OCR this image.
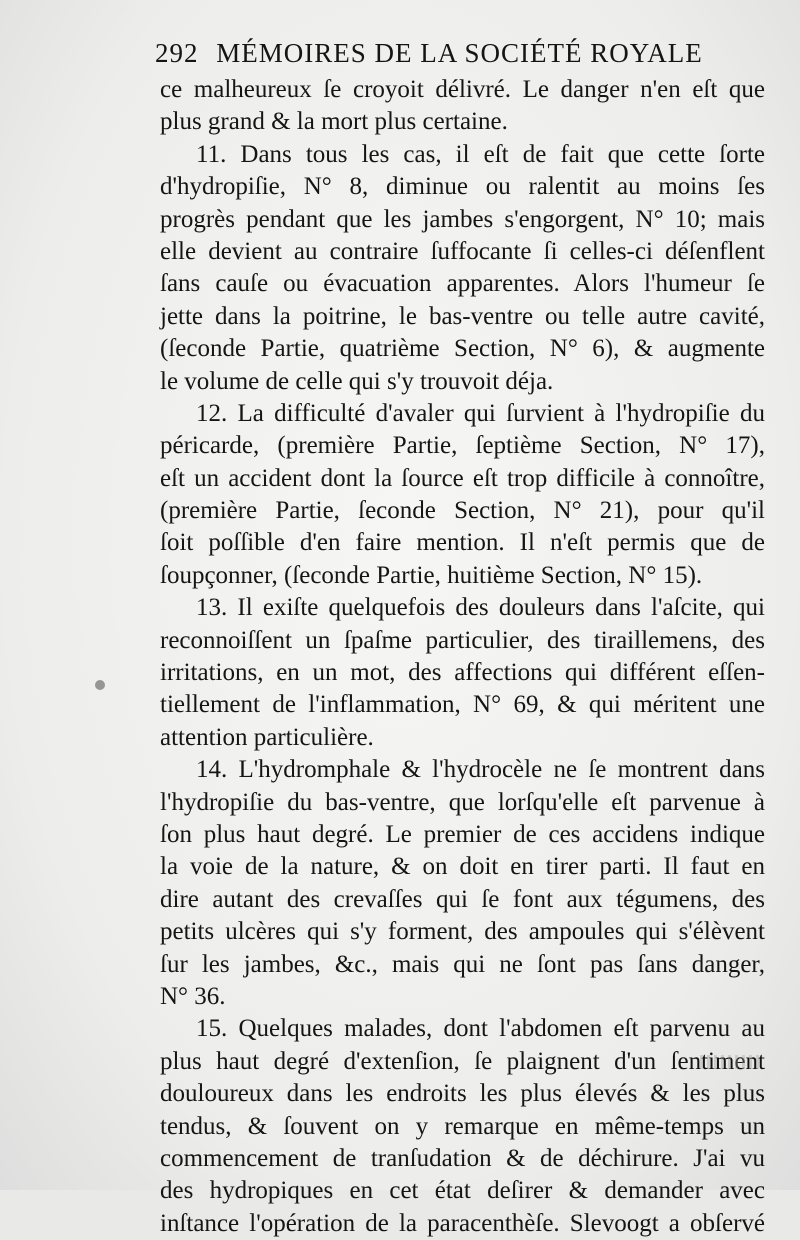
292 MÉMOIRES DE LA SOCIÉTÉ ROYALE
ce malheureux ſe croyoit délivré. Le danger n'en eſt que
plus grand & la mort plus certaine.
11. Dans tous les cas, il eſt de fait que cette ſorte
d'hydropiſie, N° 8, diminue ou ralentit au moins ſes
progrès pendant que les jambes s'engorgent, N° 10; mais
elle devient au contraire ſuffocante ſi celles-ci déſenflent
ſans cauſe ou évacuation apparentes. Alors l'humeur ſe
jette dans la poitrine, le bas-ventre ou telle autre cavité,
(ſeconde Partie, quatrième Section, N° 6), & augmente
le volume de celle qui s'y trouvoit déja.
12. La difficulté d'avaler qui ſurvient à l'hydropiſie du
péricarde, (première Partie, ſeptième Section, N° 17),
eſt un accident dont la ſource eſt trop difficile à connoître,
(première Partie, ſeconde Section, N° 21), pour qu'il
ſoit poſſible d'en faire mention. Il n'eſt permis que de
ſoupçonner, (ſeconde Partie, huitième Section, N° 15).
13. Il exiſte quelquefois des douleurs dans l'aſcite, qui
reconnoiſſent un ſpaſme particulier, des tiraillemens, des
irritations, en un mot, des affections qui différent eſſen-
tiellement de l'inflammation, N° 69, & qui méritent une
attention particulière.
14. L'hydromphale & l'hydrocèle ne ſe montrent dans
l'hydropiſie du bas-ventre, que lorſqu'elle eſt parvenue à
ſon plus haut degré. Le premier de ces accidens indique
la voie de la nature, & on doit en tirer parti. Il faut en
dire autant des crevaſſes qui ſe font aux tégumens, des
petits ulcères qui s'y forment, des ampoules qui s'élèvent
ſur les jambes, &c., mais qui ne ſont pas ſans danger,
N° 36.
15. Quelques malades, dont l'abdomen eſt parvenu au
plus haut degré d'extenſion, ſe plaignent d'un ſentiment
douloureux dans les endroits les plus élevés & les plus
tendus, & ſouvent on y remarque en même-temps un
commencement de tranſudation & de déchirure. J'ai vu
des hydropiques en cet état deſirer & demander avec
inſtance l'opération de la paracenthèſe. Slevoogt a obſervé
